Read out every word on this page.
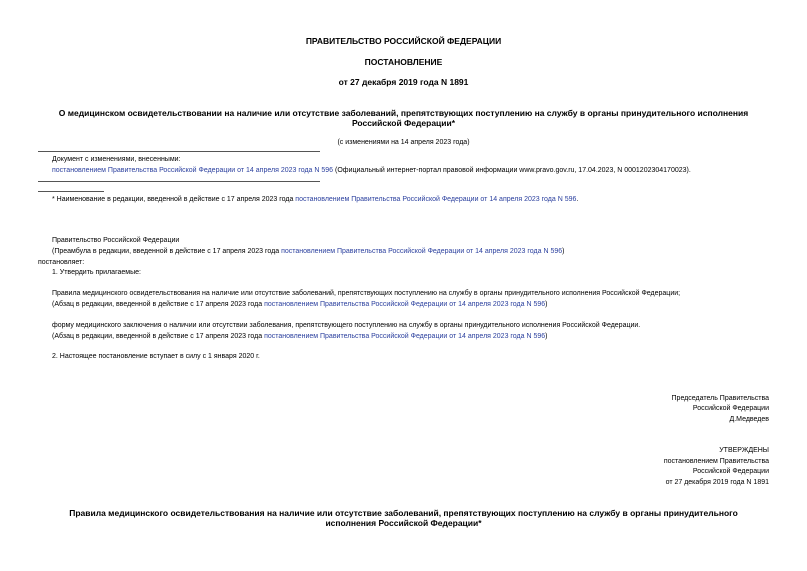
ПРАВИТЕЛЬСТВО РОССИЙСКОЙ ФЕДЕРАЦИИ
ПОСТАНОВЛЕНИЕ
от 27 декабря 2019 года N 1891
О медицинском освидетельствовании на наличие или отсутствие заболеваний, препятствующих поступлению на службу в органы принудительного исполнения
Российской Федерации*
(с изменениями на 14 апреля 2023 года)
Документ с изменениями, внесенными:
постановлением Правительства Российской Федерации от 14 апреля 2023 года N 596 (Официальный интернет-портал правовой информации www.pravo.gov.ru, 17.04.2023, N 0001202304170023).
* Наименование в редакции, введенной в действие с 17 апреля 2023 года постановлением Правительства Российской Федерации от 14 апреля 2023 года N 596.
Правительство Российской Федерации
(Преамбула в редакции, введенной в действие с 17 апреля 2023 года постановлением Правительства Российской Федерации от 14 апреля 2023 года N 596)
постановляет:
1. Утвердить прилагаемые:
Правила медицинского освидетельствования на наличие или отсутствие заболеваний, препятствующих поступлению на службу в органы принудительного исполнения Российской Федерации;
(Абзац в редакции, введенной в действие с 17 апреля 2023 года постановлением Правительства Российской Федерации от 14 апреля 2023 года N 596)
форму медицинского заключения о наличии или отсутствии заболевания, препятствующего поступлению на службу в органы принудительного исполнения Российской Федерации.
(Абзац в редакции, введенной в действие с 17 апреля 2023 года постановлением Правительства Российской Федерации от 14 апреля 2023 года N 596)
2. Настоящее постановление вступает в силу с 1 января 2020 г.
Председатель Правительства
Российской Федерации
Д.Медведев
УТВЕРЖДЕНЫ
постановлением Правительства
Российской Федерации
от 27 декабря 2019 года N 1891
Правила медицинского освидетельствования на наличие или отсутствие заболеваний, препятствующих поступлению на службу в органы принудительного
исполнения Российской Федерации*
